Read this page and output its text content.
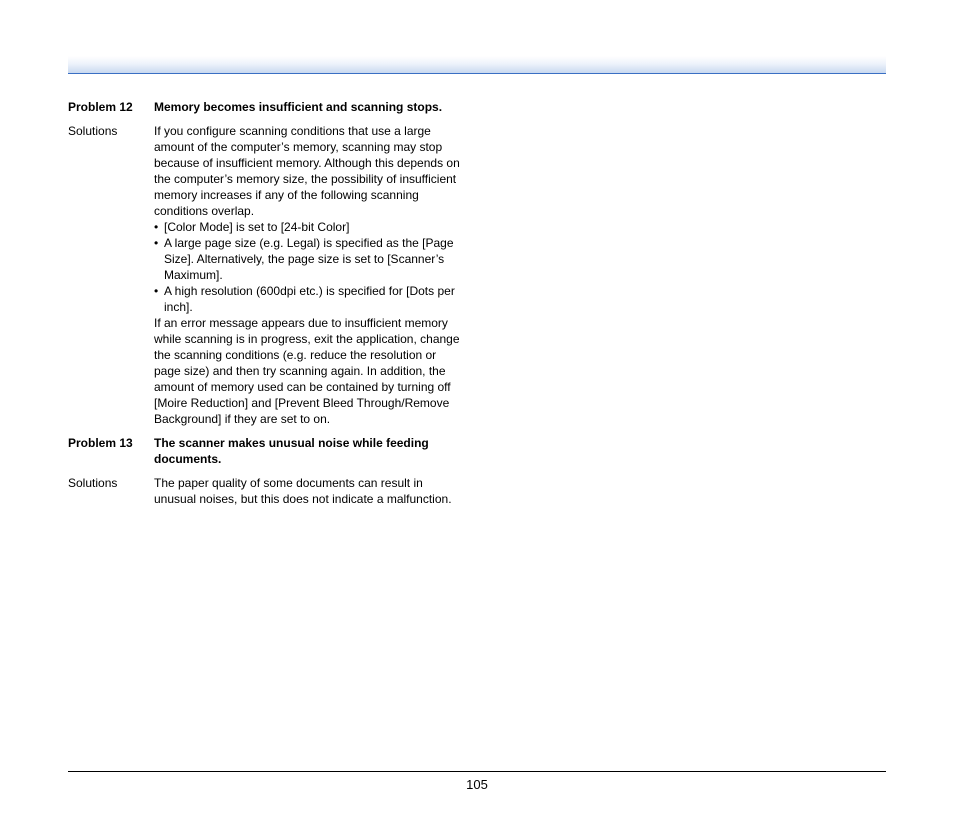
Problem 12	Memory becomes insufficient and scanning stops.
Solutions	If you configure scanning conditions that use a large amount of the computer’s memory, scanning may stop because of insufficient memory. Although this depends on the computer’s memory size, the possibility of insufficient memory increases if any of the following scanning conditions overlap.

• [Color Mode] is set to [24-bit Color]
• A large page size (e.g. Legal) is specified as the [Page Size]. Alternatively, the page size is set to [Scanner’s Maximum].
• A high resolution (600dpi etc.) is specified for [Dots per inch].

If an error message appears due to insufficient memory while scanning is in progress, exit the application, change the scanning conditions (e.g. reduce the resolution or page size) and then try scanning again. In addition, the amount of memory used can be contained by turning off [Moire Reduction] and [Prevent Bleed Through/Remove Background] if they are set to on.

Problem 13	The scanner makes unusual noise while feeding documents.
Solutions	The paper quality of some documents can result in unusual noises, but this does not indicate a malfunction.
105
